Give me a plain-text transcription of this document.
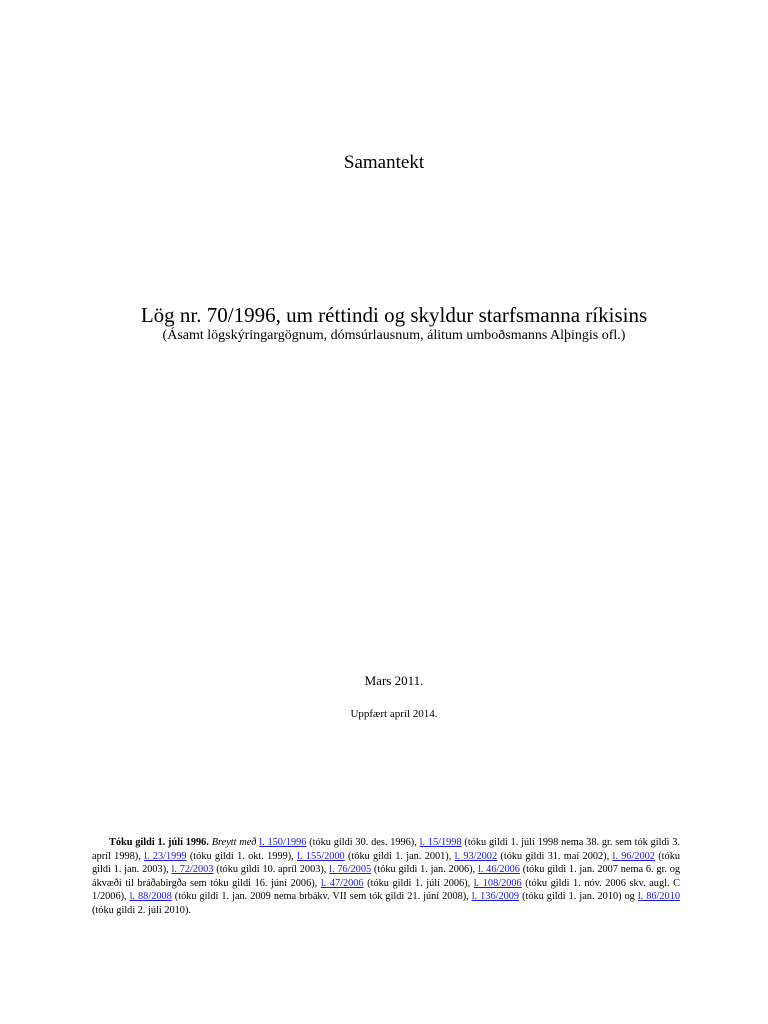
Samantekt
Lög nr. 70/1996, um réttindi og skyldur starfsmanna ríkisins
(Ásamt lögskýringargögnum, dómsúrlausnum, álitum umboðsmanns Alþingis ofl.)
Mars 2011.
Uppfært apríl 2014.
Tóku gildi 1. júlí 1996. Breytt með l. 150/1996 (tóku gildi 30. des. 1996), l. 15/1998 (tóku gildi 1. júlí 1998 nema 38. gr. sem tók gildi 3. apríl 1998), l. 23/1999 (tóku gildi 1. okt. 1999), l. 155/2000 (tóku gildi 1. jan. 2001), l. 93/2002 (tóku gildi 31. maí 2002), l. 96/2002 (tóku gildi 1. jan. 2003), l. 72/2003 (tóku gildi 10. apríl 2003), l. 76/2005 (tóku gildi 1. jan. 2006), l. 46/2006 (tóku gildi 1. jan. 2007 nema 6. gr. og ákvæði til bráðabirgða sem tóku gildi 16. júní 2006), l. 47/2006 (tóku gildi 1. júlí 2006), l. 108/2006 (tóku gildi 1. nóv. 2006 skv. augl. C 1/2006), l. 88/2008 (tóku gildi 1. jan. 2009 nema brbákv. VII sem tók gildi 21. júní 2008), l. 136/2009 (tóku gildi 1. jan. 2010) og l. 86/2010 (tóku gildi 2. júlí 2010).
